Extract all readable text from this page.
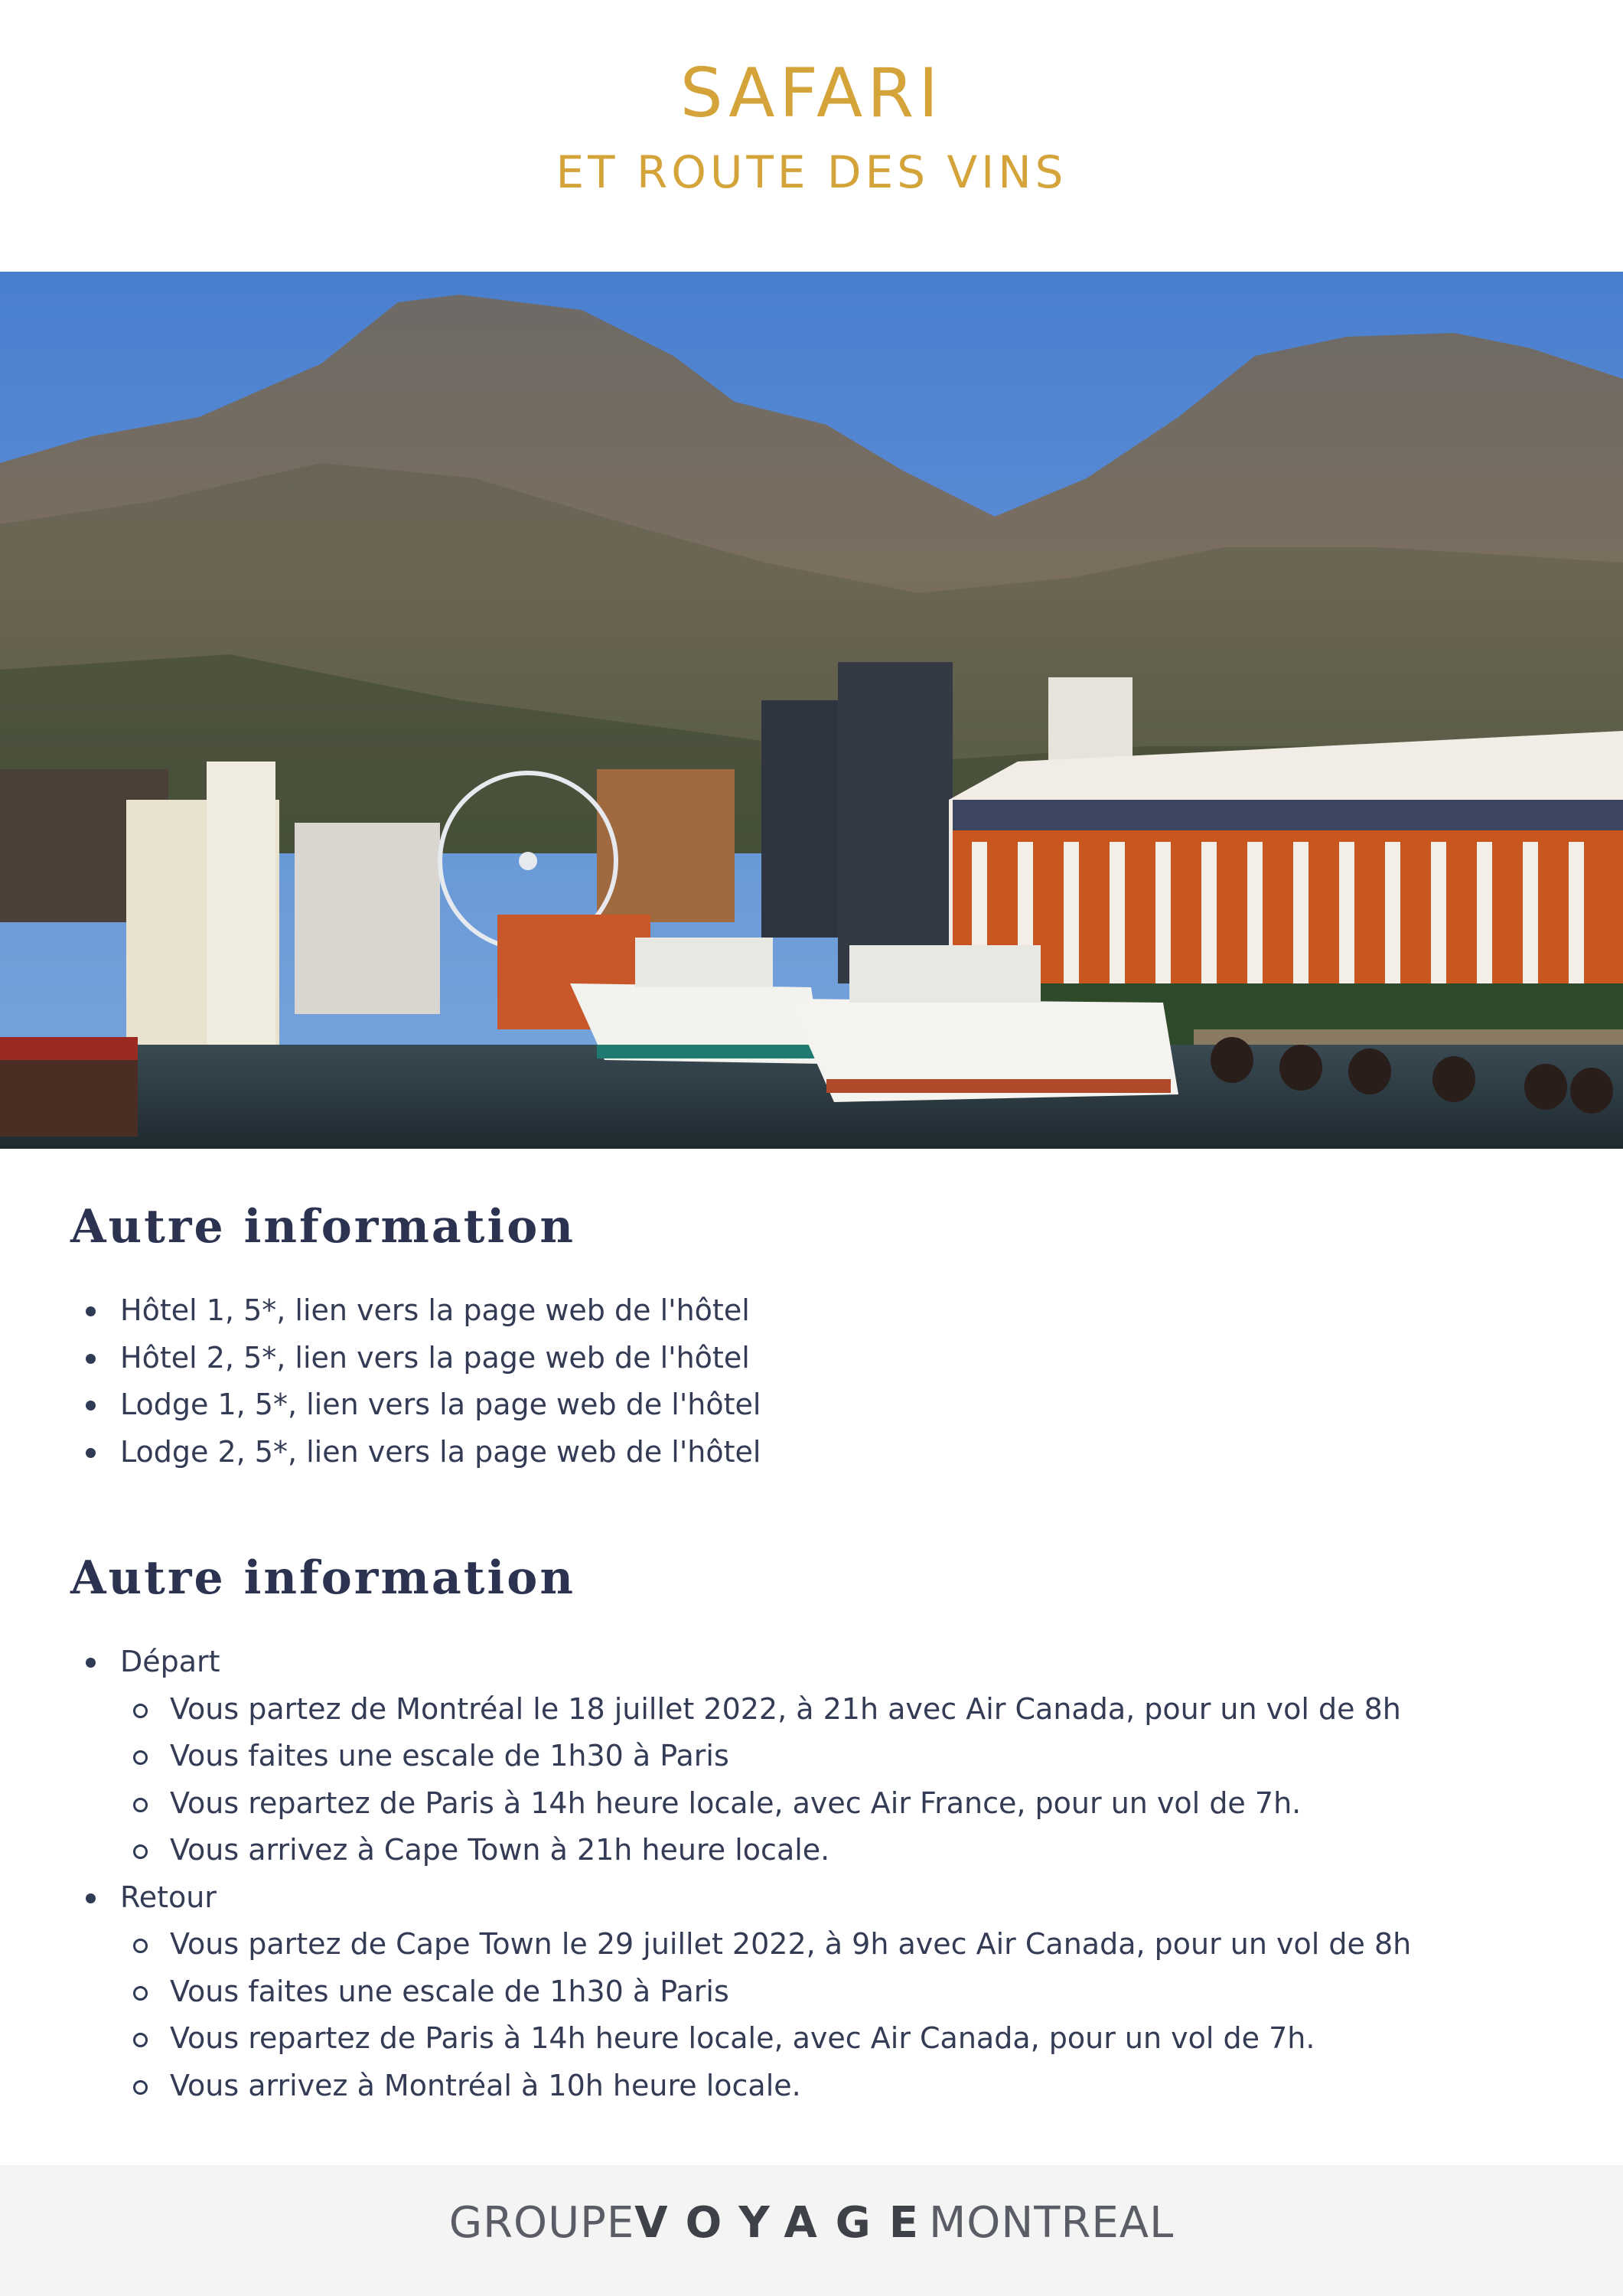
SAFARI
ET ROUTE DES VINS
Autre information
Hôtel 1, 5*, lien vers la page web de l'hôtel
Hôtel 2, 5*, lien vers la page web de l'hôtel
Lodge 1, 5*, lien vers la page web de l'hôtel
Lodge 2, 5*, lien vers la page web de l'hôtel
Autre information
Départ
Vous partez de Montréal le 18 juillet 2022, à 21h avec Air Canada, pour un vol de 8h
Vous faites une escale de 1h30 à Paris
Vous repartez de Paris à 14h heure locale, avec Air France, pour un vol de 7h.
Vous arrivez à Cape Town à 21h heure locale.
Retour
Vous partez de Cape Town le 29 juillet 2022, à 9h avec Air Canada, pour un vol de 8h
Vous faites une escale de 1h30 à Paris
Vous repartez de Paris à 14h heure locale, avec Air Canada, pour un vol de 7h.
Vous arrivez à Montréal à 10h heure locale.
GROUPEVOYAGEMONTREAL
